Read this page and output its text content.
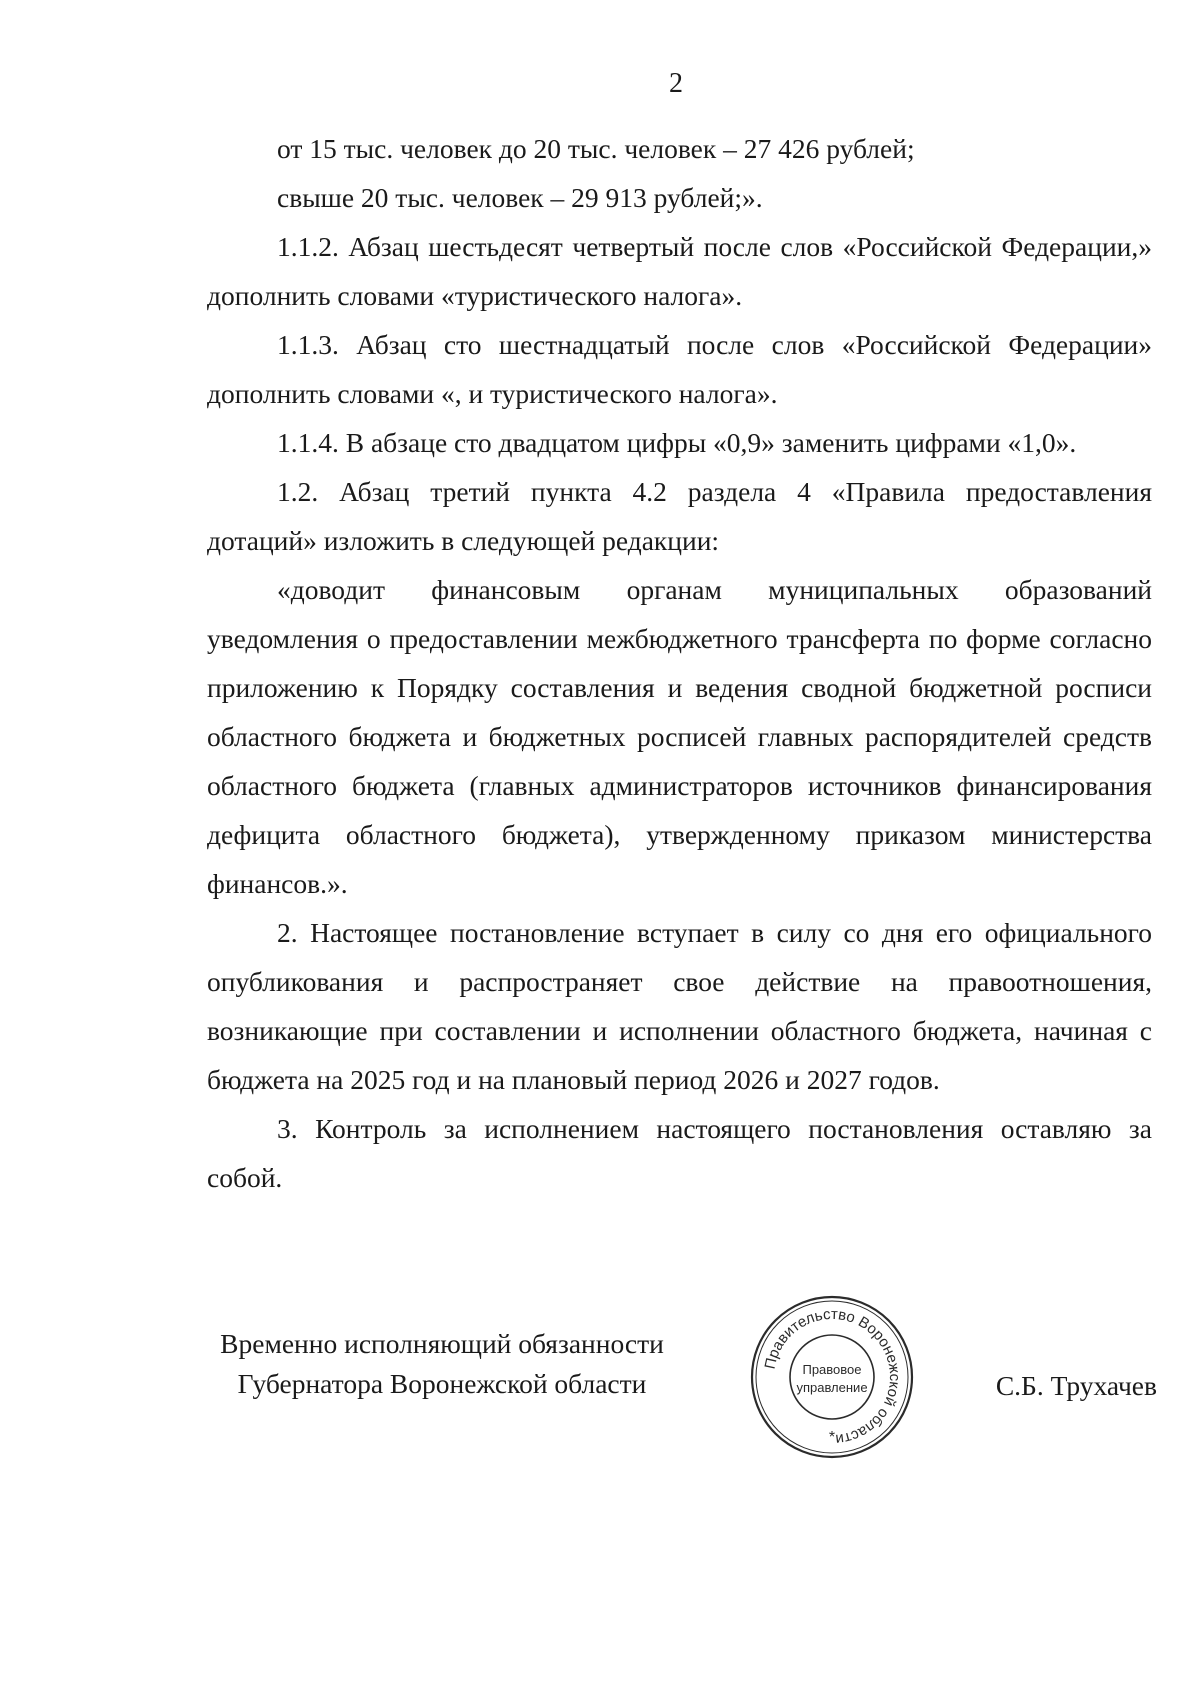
2

от 15 тыс. человек до 20 тыс. человек – 27 426 рублей;

свыше 20 тыс. человек – 29 913 рублей;».

1.1.2. Абзац шестьдесят четвертый после слов «Российской Федерации,» дополнить словами «туристического налога».

1.1.3. Абзац сто шестнадцатый после слов «Российской Федерации» дополнить словами «, и туристического налога».

1.1.4. В абзаце сто двадцатом цифры «0,9» заменить цифрами «1,0».

1.2. Абзац третий пункта 4.2 раздела 4 «Правила предоставления дотаций» изложить в следующей редакции:

«доводит финансовым органам муниципальных образований уведомления о предоставлении межбюджетного трансферта по форме согласно приложению к Порядку составления и ведения сводной бюджетной росписи областного бюджета и бюджетных росписей главных распорядителей средств областного бюджета (главных администраторов источников финансирования дефицита областного бюджета), утвержденному приказом министерства финансов.».

2. Настоящее постановление вступает в силу со дня его официального опубликования и распространяет свое действие на правоотношения, возникающие при составлении и исполнении областного бюджета, начиная с бюджета на 2025 год и на плановый период 2026 и 2027 годов.

3. Контроль за исполнением настоящего постановления оставляю за собой.

Временно исполняющий обязанности
Губернатора Воронежской области
Правительство Воронежской области
Правовое
управление
*
С.Б. Трухачев
